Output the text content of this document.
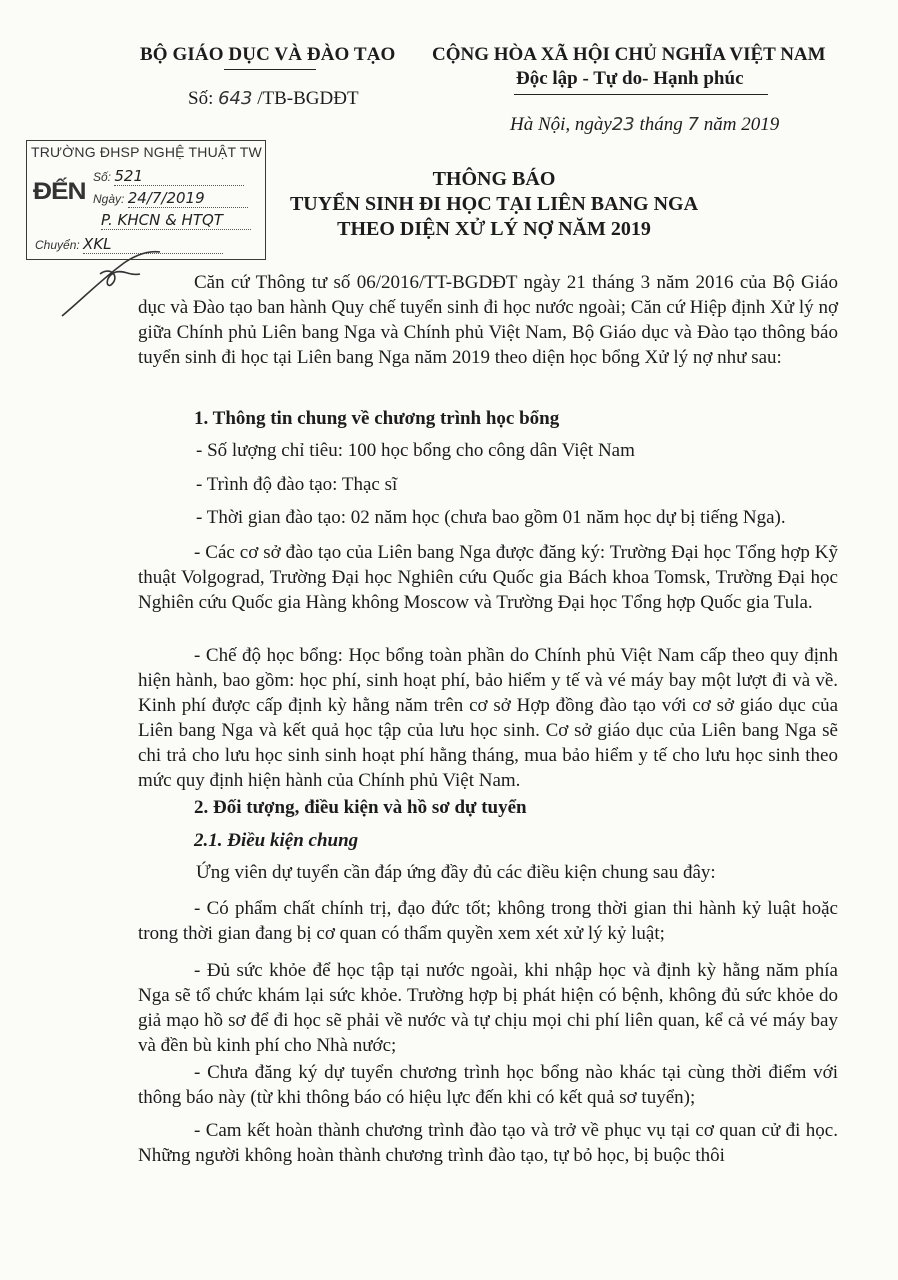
BỘ GIÁO DỤC VÀ ĐÀO TẠO CỘNG HÒA XÃ HỘI CHỦ NGHĨA VIỆT NAM
Độc lập - Tự do- Hạnh phúc
Số: 643 /TB-BGDĐT
Hà Nội, ngày23 tháng 7 năm 2019
TRƯỜNG ĐHSP NGHỆ THUẬT TW
ĐẾN
Số: 521
Ngày: 24/7/2019
P. KHCN & HTQT
Chuyển: XKL
THÔNG BÁO
TUYỂN SINH ĐI HỌC TẠI LIÊN BANG NGA
THEO DIỆN XỬ LÝ NỢ NĂM 2019
Căn cứ Thông tư số 06/2016/TT-BGDĐT ngày 21 tháng 3 năm 2016 của Bộ Giáo dục và Đào tạo ban hành Quy chế tuyển sinh đi học nước ngoài; Căn cứ Hiệp định Xử lý nợ giữa Chính phủ Liên bang Nga và Chính phủ Việt Nam, Bộ Giáo dục và Đào tạo thông báo tuyển sinh đi học tại Liên bang Nga năm 2019 theo diện học bổng Xử lý nợ như sau:
1. Thông tin chung về chương trình học bổng
- Số lượng chỉ tiêu: 100 học bổng cho công dân Việt Nam
- Trình độ đào tạo: Thạc sĩ
- Thời gian đào tạo: 02 năm học (chưa bao gồm 01 năm học dự bị tiếng Nga).
- Các cơ sở đào tạo của Liên bang Nga được đăng ký: Trường Đại học Tổng hợp Kỹ thuật Volgograd, Trường Đại học Nghiên cứu Quốc gia Bách khoa Tomsk, Trường Đại học Nghiên cứu Quốc gia Hàng không Moscow và Trường Đại học Tổng hợp Quốc gia Tula.
- Chế độ học bổng: Học bổng toàn phần do Chính phủ Việt Nam cấp theo quy định hiện hành, bao gồm: học phí, sinh hoạt phí, bảo hiểm y tế và vé máy bay một lượt đi và về. Kinh phí được cấp định kỳ hằng năm trên cơ sở Hợp đồng đào tạo với cơ sở giáo dục của Liên bang Nga và kết quả học tập của lưu học sinh. Cơ sở giáo dục của Liên bang Nga sẽ chi trả cho lưu học sinh sinh hoạt phí hằng tháng, mua bảo hiểm y tế cho lưu học sinh theo mức quy định hiện hành của Chính phủ Việt Nam.
2. Đối tượng, điều kiện và hồ sơ dự tuyển
2.1. Điều kiện chung
Ứng viên dự tuyển cần đáp ứng đầy đủ các điều kiện chung sau đây:
- Có phẩm chất chính trị, đạo đức tốt; không trong thời gian thi hành kỷ luật hoặc trong thời gian đang bị cơ quan có thẩm quyền xem xét xử lý kỷ luật;
- Đủ sức khỏe để học tập tại nước ngoài, khi nhập học và định kỳ hằng năm phía Nga sẽ tổ chức khám lại sức khỏe. Trường hợp bị phát hiện có bệnh, không đủ sức khỏe do giả mạo hồ sơ để đi học sẽ phải về nước và tự chịu mọi chi phí liên quan, kể cả vé máy bay và đền bù kinh phí cho Nhà nước;
- Chưa đăng ký dự tuyển chương trình học bổng nào khác tại cùng thời điểm với thông báo này (từ khi thông báo có hiệu lực đến khi có kết quả sơ tuyển);
- Cam kết hoàn thành chương trình đào tạo và trở về phục vụ tại cơ quan cử đi học. Những người không hoàn thành chương trình đào tạo, tự bỏ học, bị buộc thôi
